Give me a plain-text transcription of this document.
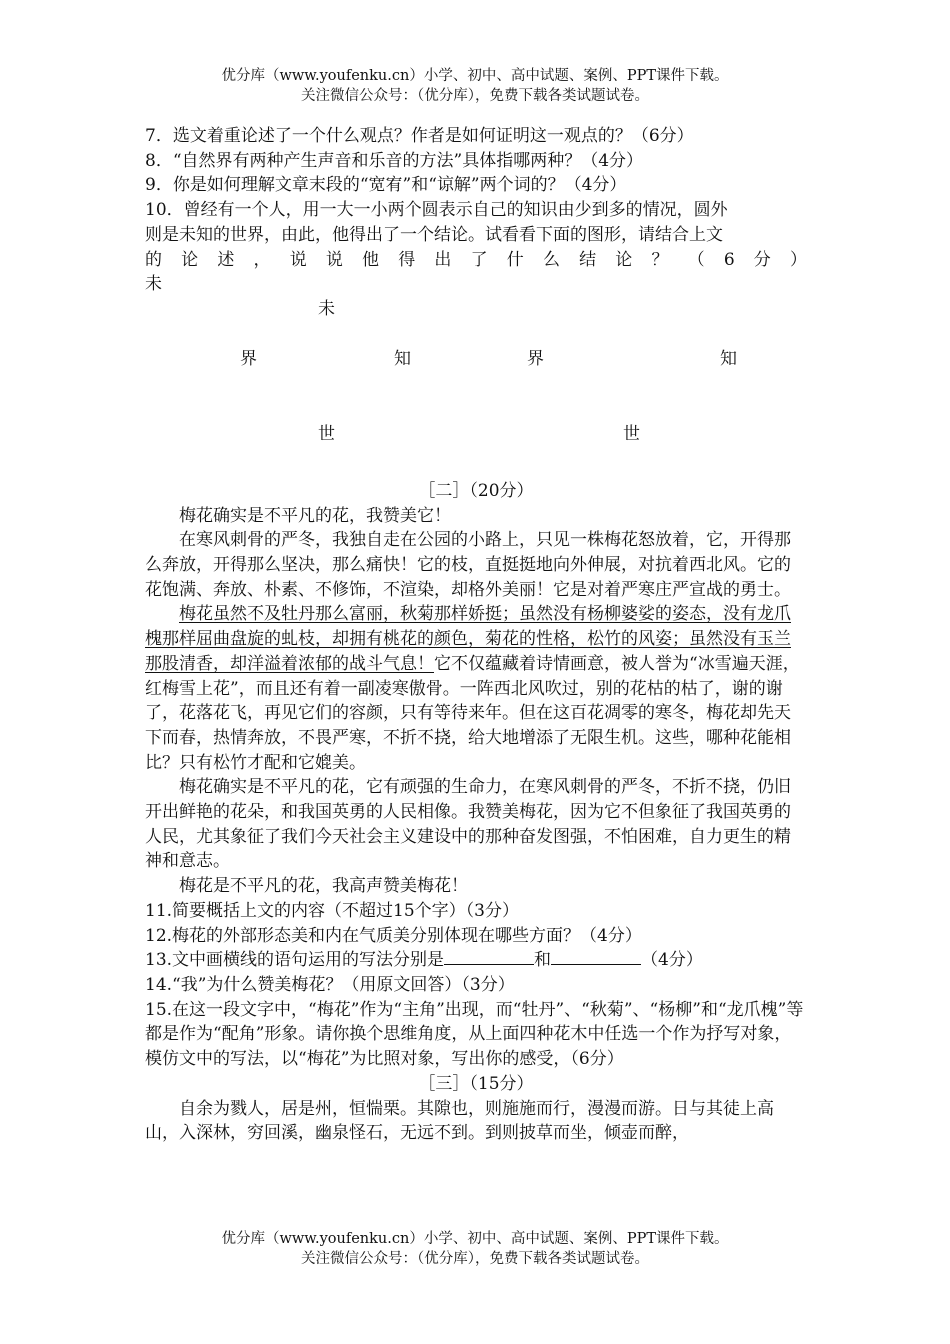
优分库（www.youfenku.cn）小学、初中、高中试题、案例、PPT课件下载。
关注微信公众号：（优分库），免费下载各类试题试卷。

7．选文着重论述了一个什么观点？作者是如何证明这一观点的？（6分）

8．“自然界有两种产生声音和乐音的方法”具体指哪两种？（4分）

9．你是如何理解文章末段的“宽宥”和“谅解”两个词的？（4分）

10．曾经有一个人，用一大一小两个圆表示自己的知识由少到多的情况，圆外

则是未知的世界，由此，他得出了一个结论。试看看下面的图形，请结合上文

的论述，说说他得出了什么结论？（6分）

未

未
界	知	界	知
世	世

［二］（20分）

梅花确实是不平凡的花，我赞美它！

在寒风刺骨的严冬，我独自走在公园的小路上，只见一株梅花怒放着，它，开得那么奔放，开得那么坚决，那么痛快！它的枝，直挺挺地向外伸展，对抗着西北风。它的花饱满、奔放、朴素、不修饰，不渲染，却格外美丽！它是对着严寒庄严宣战的勇士。

梅花虽然不及牡丹那么富丽，秋菊那样娇挺；虽然没有杨柳婆娑的姿态，没有龙爪槐那样屈曲盘旋的虬枝，却拥有桃花的颜色，菊花的性格，松竹的风姿；虽然没有玉兰那股清香，却洋溢着浓郁的战斗气息！它不仅蕴藏着诗情画意，被人誉为“冰雪遍天涯，红梅雪上花”，而且还有着一副凌寒傲骨。一阵西北风吹过，别的花枯的枯了，谢的谢了，花落花飞，再见它们的容颜，只有等待来年。但在这百花凋零的寒冬，梅花却先天下而春，热情奔放，不畏严寒，不折不挠，给大地增添了无限生机。这些，哪种花能相比？只有松竹才配和它媲美。

梅花确实是不平凡的花，它有顽强的生命力，在寒风刺骨的严冬，不折不挠，仍旧开出鲜艳的花朵，和我国英勇的人民相像。我赞美梅花，因为它不但象征了我国英勇的人民，尤其象征了我们今天社会主义建设中的那种奋发图强，不怕困难，自力更生的精神和意志。

梅花是不平凡的花，我高声赞美梅花！

11.简要概括上文的内容（不超过15个字）（3分）

12.梅花的外部形态美和内在气质美分别体现在哪些方面？（4分）

13.文中画横线的语句运用的写法分别是	和	（4分）

14.“我”为什么赞美梅花？（用原文回答）（3分）

15.在这一段文字中，“梅花”作为“主角”出现，而“牡丹”、“秋菊”、“杨柳”和“龙爪槐”等都是作为“配角”形象。请你换个思维角度，从上面四种花木中任选一个作为抒写对象，模仿文中的写法，以“梅花”为比照对象，写出你的感受，（6分）

［三］（15分）

自余为戮人，居是州，恒惴栗。其隙也，则施施而行，漫漫而游。日与其徒上高山，入深林，穷回溪，幽泉怪石，无远不到。到则披草而坐，倾壶而醉，

优分库（www.youfenku.cn）小学、初中、高中试题、案例、PPT课件下载。
关注微信公众号：（优分库），免费下载各类试题试卷。
